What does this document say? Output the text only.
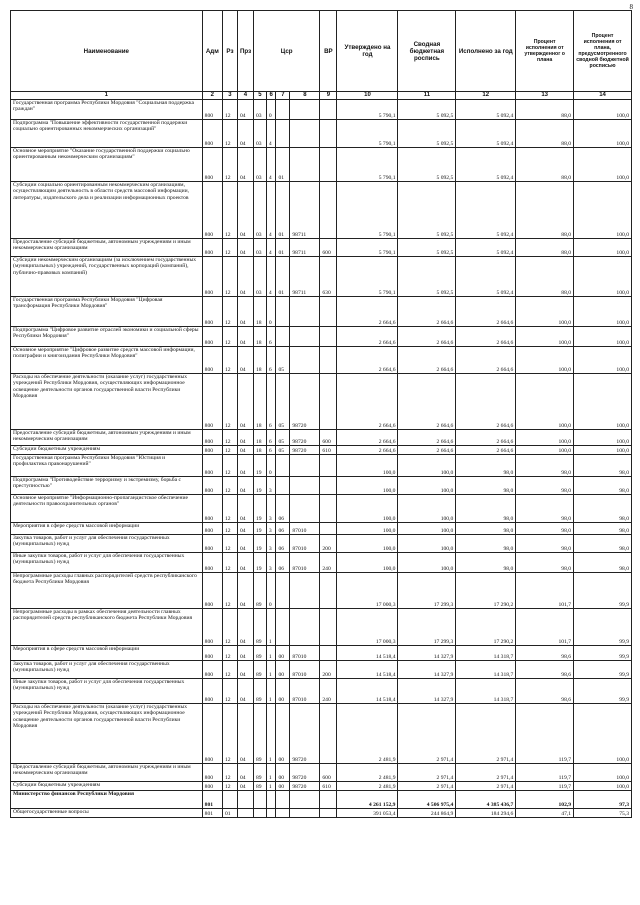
8
Наименование	Адм	Рз	Прз	Цср				ВР	Утверждено на год	Сводная бюджетная роспись	Исполнено за год	Процент исполнения от утвержденног о плана	Процент исполнения от плана, предусмотренного сводной бюджетной росписью
1	2	3	4	5	6	7	8	9	10	11	12	13	14
Государственная программа Республики Мордовия "Социальная поддержка граждан"	800	12	04	03	0				5 790,1	5 092,5	5 092,4	88,0	100,0
Подпрограмма "Повышение эффективности государственной поддержки социально ориентированных некоммерческих организаций"	800	12	04	03	4				5 790,1	5 092,5	5 092,4	88,0	100,0
Основное мероприятие "Оказание государственной поддержки социально ориентированным некоммерческим организациям"	800	12	04	03	4	01			5 790,1	5 092,5	5 092,4	88,0	100,0
Субсидии социально ориентированным некоммерческим организациям, осуществляющим деятельность в области средств массовой информации, литературы, издательского дела и реализации информационных проектов	800	12	04	03	4	01	98711		5 790,1	5 092,5	5 092,4	88,0	100,0
Предоставление субсидий бюджетным, автономным учреждениям и иным некоммерческим организациям	800	12	04	03	4	01	98711	600	5 790,1	5 092,5	5 092,4	88,0	100,0
Субсидии некоммерческим организациям (за исключением государственных (муниципальных) учреждений, государственных корпораций (компаний), публично-правовых компаний)	800	12	04	03	4	01	98711	630	5 790,1	5 092,5	5 092,4	88,0	100,0
Государственная программа Республики Мордовия "Цифровая трансформация Республики Мордовия"	800	12	04	18	0				2 664,6	2 664,6	2 664,6	100,0	100,0
Подпрограмма "Цифровое развитие отраслей экономики и социальной сферы Республики Мордовия"	800	12	04	18	6				2 664,6	2 664,6	2 664,6	100,0	100,0
Основное мероприятие "Цифровое развитие средств массовой информации, полиграфии и книгоиздания Республики Мордовия"	800	12	04	18	6	05			2 664,6	2 664,6	2 664,6	100,0	100,0
Расходы на обеспечение деятельности (оказание услуг) государственных учреждений Республики Мордовия, осуществляющих информационное освещение деятельности органов государственной власти Республики Мордовия	800	12	04	18	6	05	98720		2 664,6	2 664,6	2 664,6	100,0	100,0
Предоставление субсидий бюджетным, автономным учреждениям и иным некоммерческим организациям	800	12	04	18	6	05	98720	600	2 664,6	2 664,6	2 664,6	100,0	100,0
Субсидии бюджетным учреждениям	800	12	04	18	6	05	98720	610	2 664,6	2 664,6	2 664,6	100,0	100,0
Государственная программа Республики Мордовия "Юстиция и профилактика правонарушений"	800	12	04	19	0				100,0	100,0	98,0	98,0	98,0
Подпрограмма "Противодействие терроризму и экстремизму, борьба с преступностью"	800	12	04	19	3				100,0	100,0	98,0	98,0	98,0
Основное мероприятие "Информационно-пропагандистское обеспечение деятельности правоохранительных органов"	800	12	04	19	3	06			100,0	100,0	98,0	98,0	98,0
Мероприятия в сфере средств массовой информации	800	12	04	19	3	06	87010		100,0	100,0	98,0	98,0	98,0
Закупка товаров, работ и услуг для обеспечения государственных (муниципальных) нужд	800	12	04	19	3	06	87010	200	100,0	100,0	98,0	98,0	98,0
Иные закупки товаров, работ и услуг для обеспечения государственных (муниципальных) нужд	800	12	04	19	3	06	87010	240	100,0	100,0	98,0	98,0	98,0
Непрограммные расходы главных распорядителей средств республиканского бюджета Республики Мордовия	800	12	04	89	0				17 000,3	17 299,3	17 290,2	101,7	99,9
Непрограммные расходы в рамках обеспечения деятельности главных распорядителей средств республиканского бюджета Республики Мордовия	800	12	04	89	1				17 000,3	17 299,3	17 290,2	101,7	99,9
Мероприятия в сфере средств массовой информации	800	12	04	89	1	00	87010		14 518,4	14 327,9	14 318,7	98,6	99,9
Закупка товаров, работ и услуг для обеспечения государственных (муниципальных) нужд	800	12	04	89	1	00	87010	200	14 518,4	14 327,9	14 318,7	98,6	99,9
Иные закупки товаров, работ и услуг для обеспечения государственных (муниципальных) нужд	800	12	04	89	1	00	87010	240	14 518,4	14 327,9	14 318,7	98,6	99,9
Расходы на обеспечение деятельности (оказание услуг) государственных учреждений Республики Мордовия, осуществляющих информационное освещение деятельности органов государственной власти Республики Мордовия	800	12	04	89	1	00	98720		2 481,9	2 971,4	2 971,4	119,7	100,0
Предоставление субсидий бюджетным, автономным учреждениям и иным некоммерческим организациям	800	12	04	89	1	00	98720	600	2 481,9	2 971,4	2 971,4	119,7	100,0
Субсидии бюджетным учреждениям	800	12	04	89	1	00	98720	610	2 481,9	2 971,4	2 971,4	119,7	100,0
Министерство финансов Республики Мордовия	801								4 261 152,9	4 506 975,4	4 385 436,7	102,9	97,3
Общегосударственные вопросы	801	01							391 053,4	244 864,9	184 294,6	47,1	75,3
